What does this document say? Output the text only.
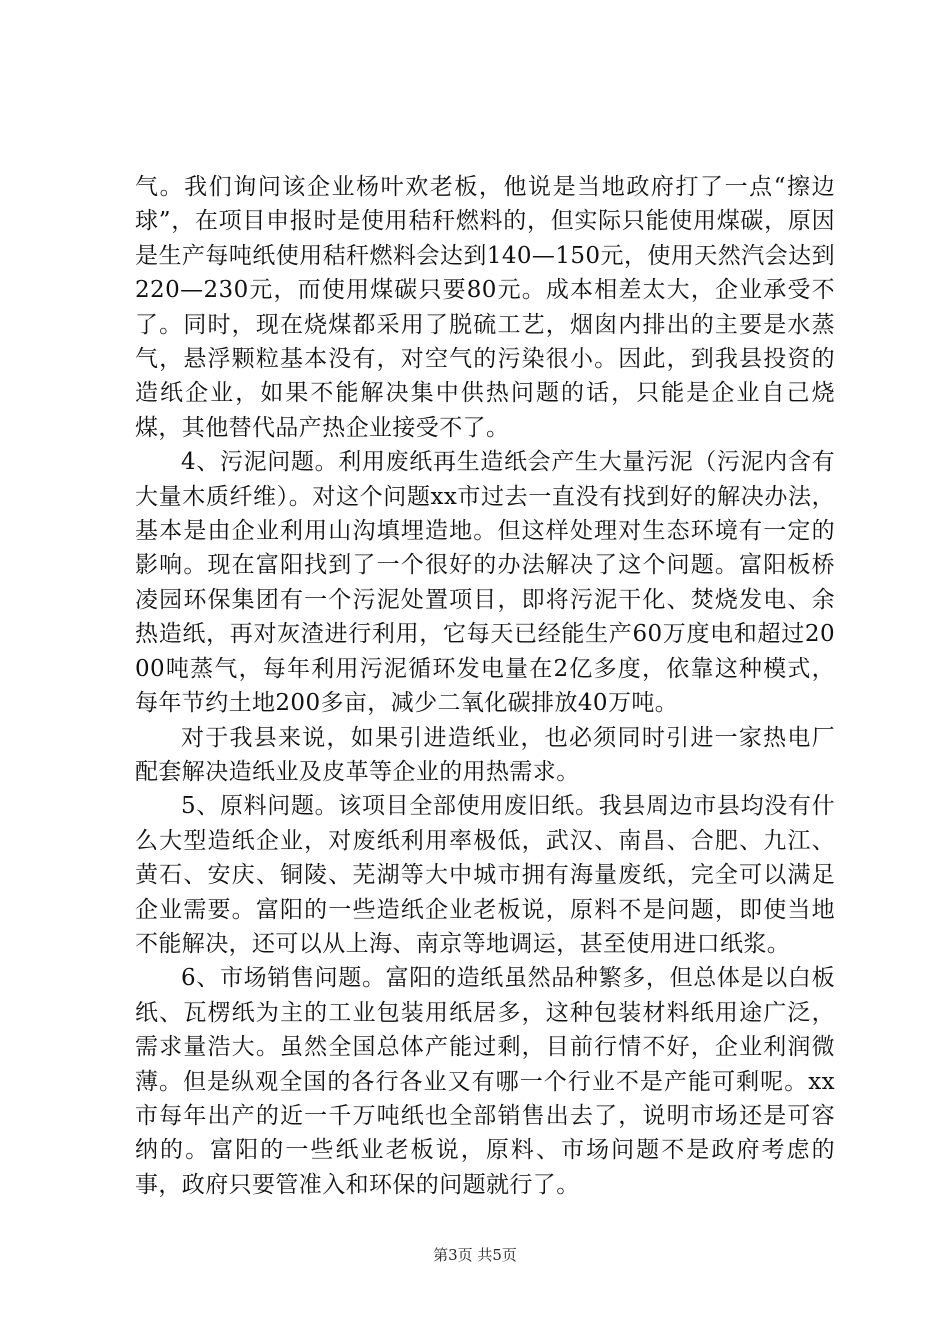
气。我们询问该企业杨叶欢老板，他说是当地政府打了一点“擦边球”，在项目申报时是使用秸秆燃料的，但实际只能使用煤碳，原因是生产每吨纸使用秸秆燃料会达到140—150元，使用天然汽会达到220—230元，而使用煤碳只要80元。成本相差太大，企业承受不了。同时，现在烧煤都采用了脱硫工艺，烟囱内排出的主要是水蒸气，悬浮颗粒基本没有，对空气的污染很小。因此，到我县投资的造纸企业，如果不能解决集中供热问题的话，只能是企业自己烧煤，其他替代品产热企业接受不了。

4、污泥问题。利用废纸再生造纸会产生大量污泥（污泥内含有大量木质纤维）。对这个问题xx市过去一直没有找到好的解决办法，基本是由企业利用山沟填埋造地。但这样处理对生态环境有一定的影响。现在富阳找到了一个很好的办法解决了这个问题。富阳板桥凌园环保集团有一个污泥处置项目，即将污泥干化、焚烧发电、余热造纸，再对灰渣进行利用，它每天已经能生产60万度电和超过2000吨蒸气，每年利用污泥循环发电量在2亿多度，依靠这种模式，每年节约土地200多亩，减少二氧化碳排放40万吨。

对于我县来说，如果引进造纸业，也必须同时引进一家热电厂配套解决造纸业及皮革等企业的用热需求。

5、原料问题。该项目全部使用废旧纸。我县周边市县均没有什么大型造纸企业，对废纸利用率极低，武汉、南昌、合肥、九江、黄石、安庆、铜陵、芜湖等大中城市拥有海量废纸，完全可以满足企业需要。富阳的一些造纸企业老板说，原料不是问题，即使当地不能解决，还可以从上海、南京等地调运，甚至使用进口纸浆。

6、市场销售问题。富阳的造纸虽然品种繁多，但总体是以白板纸、瓦楞纸为主的工业包装用纸居多，这种包装材料纸用途广泛，需求量浩大。虽然全国总体产能过剩，目前行情不好，企业利润微薄。但是纵观全国的各行各业又有哪一个行业不是产能可剩呢。xx市每年出产的近一千万吨纸也全部销售出去了，说明市场还是可容纳的。富阳的一些纸业老板说，原料、市场问题不是政府考虑的事，政府只要管准入和环保的问题就行了。

第3页 共5页
